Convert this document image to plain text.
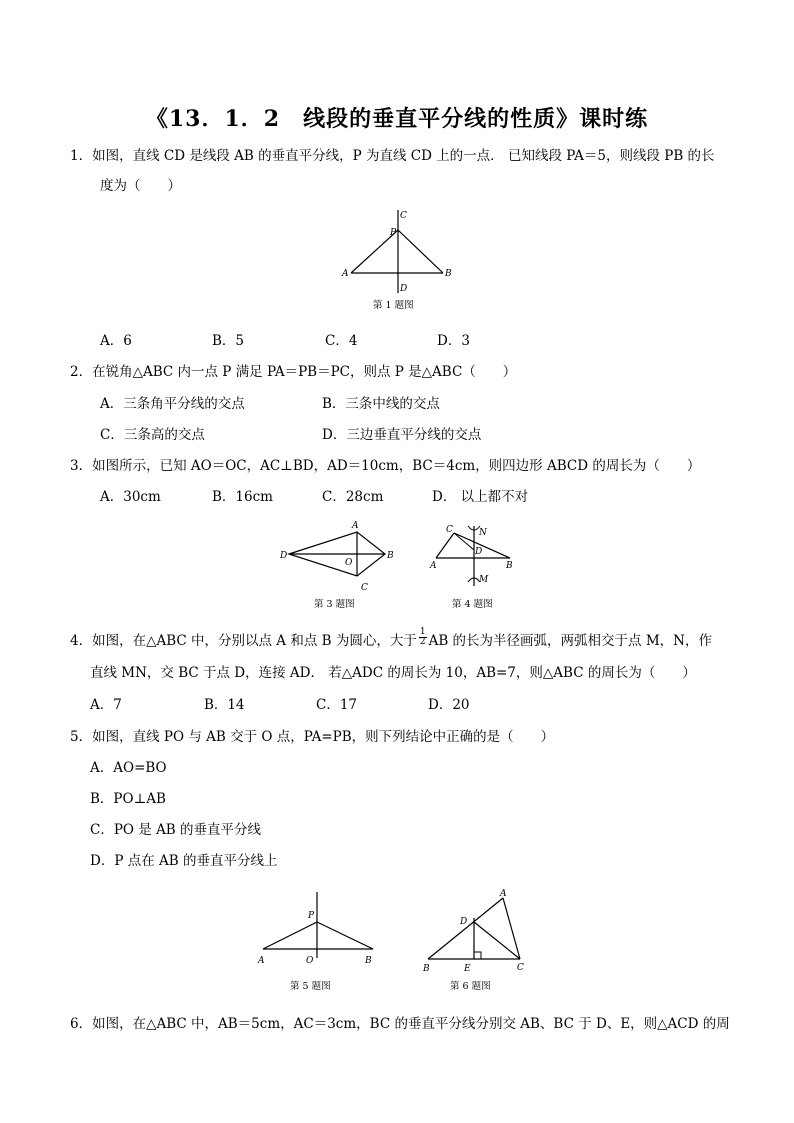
《13．1．2　线段的垂直平分线的性质》课时练
1．如图，直线 CD 是线段 AB 的垂直平分线，P 为直线 CD 上的一点． 已知线段 PA＝5，则线段 PB 的长
度为（　　）
C
P
A	B
D
第 1 题图
A．6	B．5	C．4	D．3
2．在锐角△ABC 内一点 P 满足 PA＝PB＝PC，则点 P 是△ABC（　　）
A．三条角平分线的交点	B．三条中线的交点
C．三条高的交点	D．三边垂直平分线的交点
3．如图所示，已知 AO＝OC，AC⊥BD，AD＝10cm，BC＝4cm，则四边形 ABCD 的周长为（　　）
A．30cm	B．16cm	C．28cm	D． 以上都不对
A
D	B
O
C
第 3 题图
C	N
D
A	B
M
第 4 题图
4．如图，在△ABC 中，分别以点 A 和点 B 为圆心，大于 $\frac{1}{2}$ AB 的长为半径画弧，两弧相交于点 M，N，作
直线 MN，交 BC 于点 D，连接 AD． 若△ADC 的周长为 10，AB=7，则△ABC 的周长为（　　）
A．7	B．14	C．17	D．20
5．如图，直线 PO 与 AB 交于 O 点，PA=PB，则下列结论中正确的是（　　）
A．AO=BO
B．PO⊥AB
C．PO 是 AB 的垂直平分线
D．P 点在 AB 的垂直平分线上
P
A	O	B
第 5 题图
A
D
B	E	C
第 6 题图
6．如图，在△ABC 中，AB＝5cm，AC＝3cm，BC 的垂直平分线分别交 AB、BC 于 D、E，则△ACD 的周
